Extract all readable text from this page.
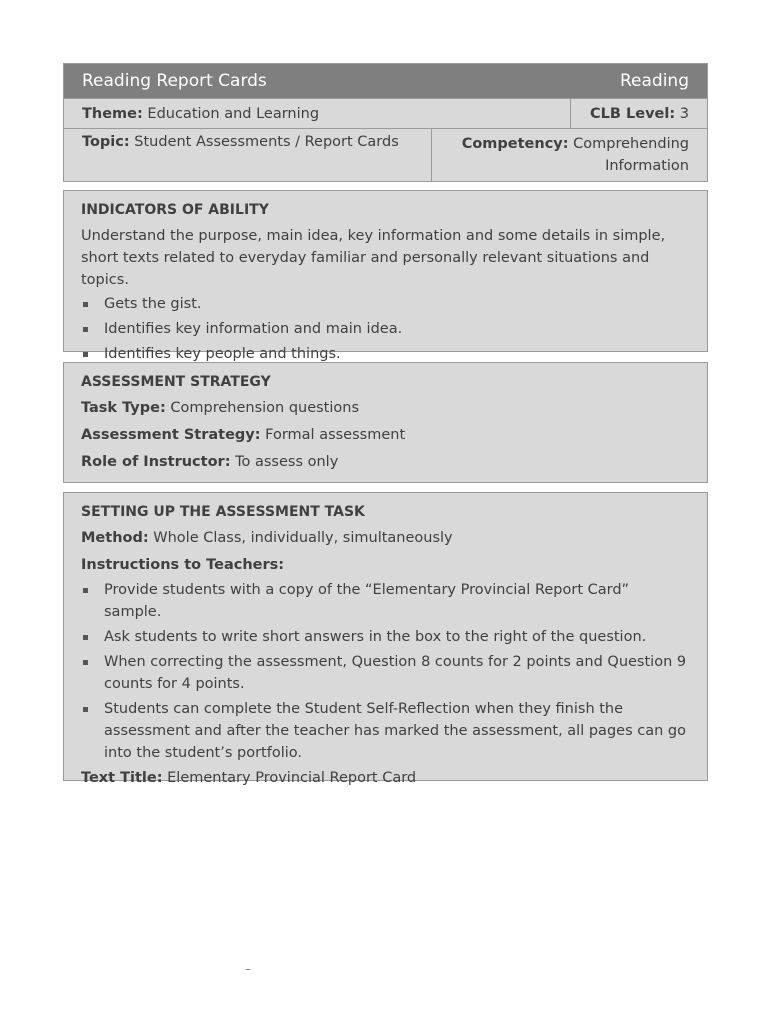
Reading Report Cards	Reading
Theme: Education and Learning	CLB Level: 3
Topic: Student Assessments / Report Cards	Competency: Comprehending
Information
INDICATORS OF ABILITY
Understand the purpose, main idea, key information and some details in simple, short texts related to everyday familiar and personally relevant situations and topics.
Gets the gist.
Identifies key information and main idea.
Identifies key people and things.
ASSESSMENT STRATEGY
Task Type: Comprehension questions
Assessment Strategy: Formal assessment
Role of Instructor: To assess only
SETTING UP THE ASSESSMENT TASK
Method: Whole Class, individually, simultaneously
Instructions to Teachers:
Provide students with a copy of the “Elementary Provincial Report Card” sample.
Ask students to write short answers in the box to the right of the question.
When correcting the assessment, Question 8 counts for 2 points and Question 9 counts for 4 points.
Students can complete the Student Self-Reflection when they finish the assessment and after the teacher has marked the assessment, all pages can go into the student’s portfolio.
Text Title: Elementary Provincial Report Card
–
